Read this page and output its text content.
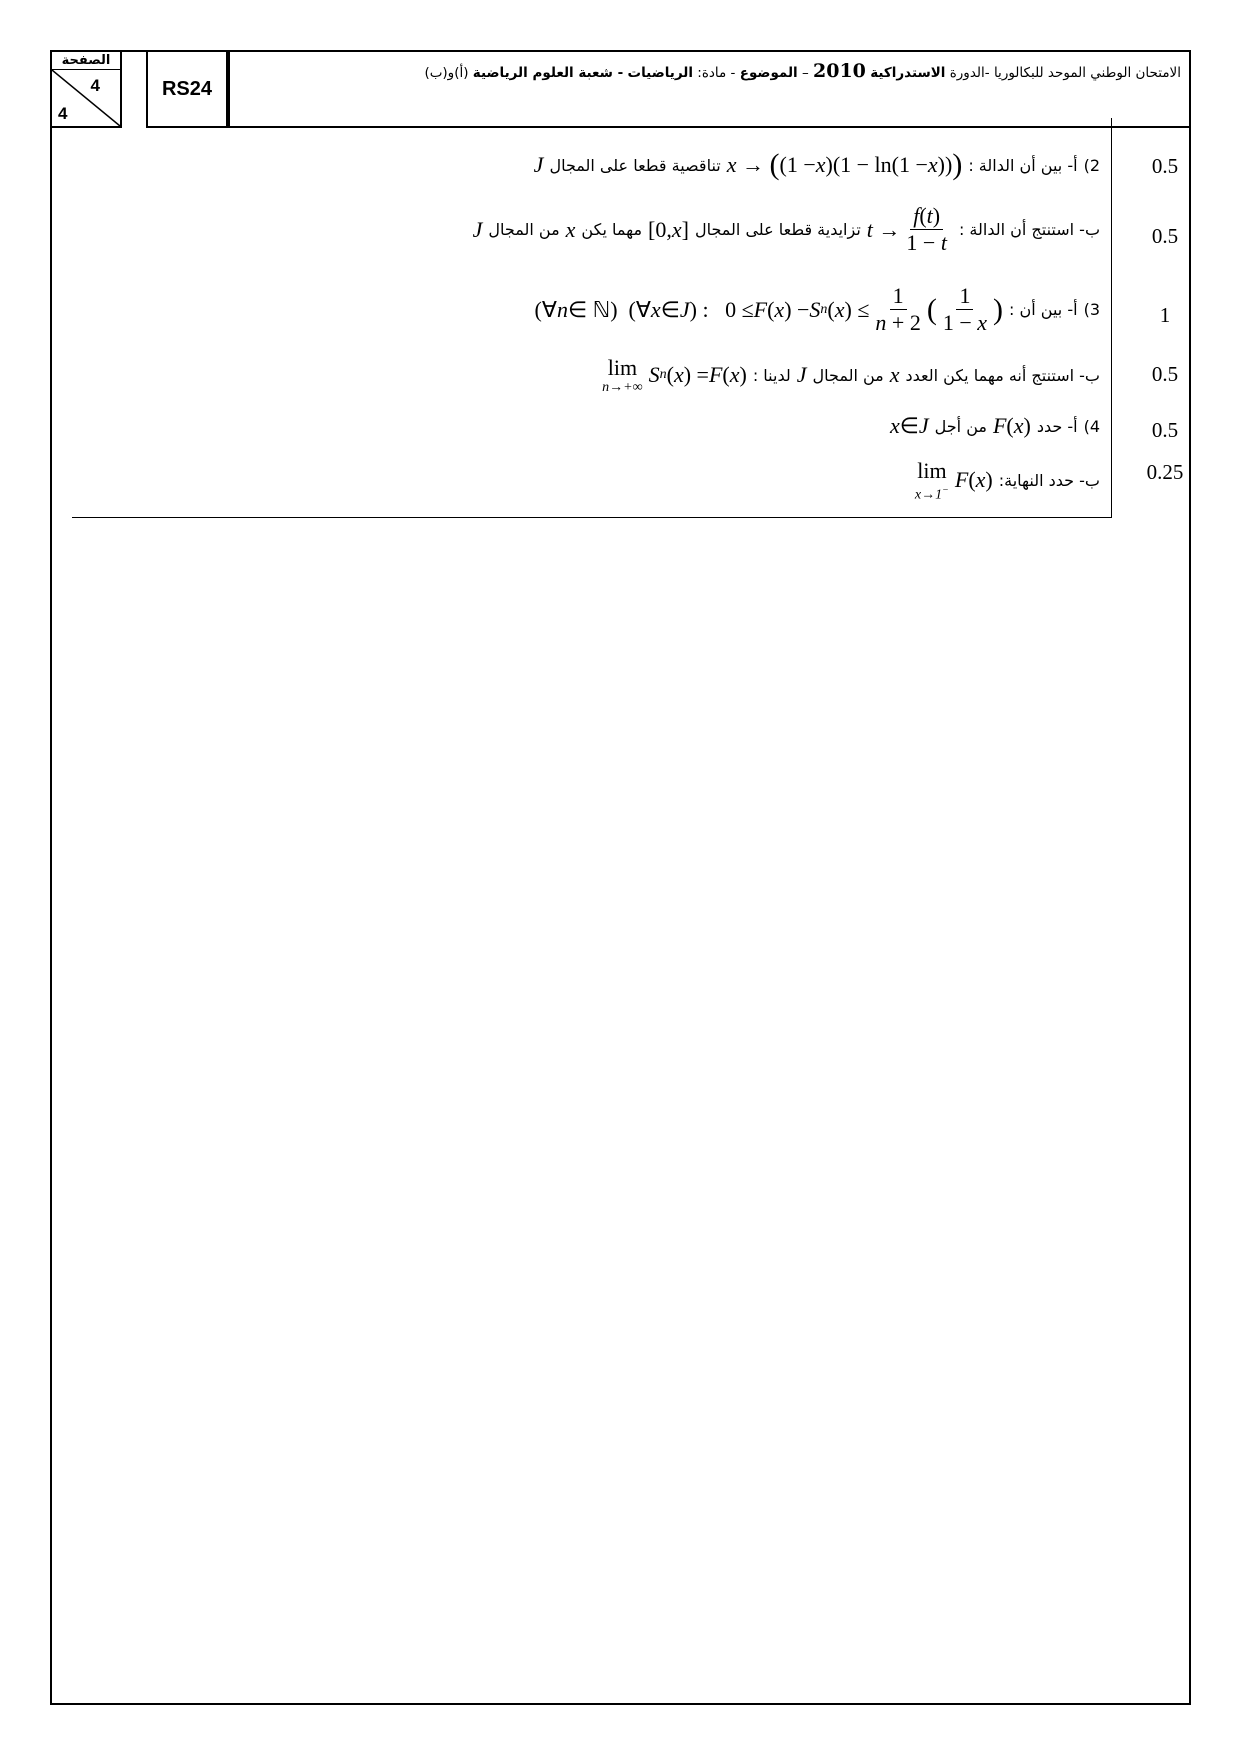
الصفحة
4
4
RS24
الامتحان الوطني الموحد للبكالوريا -الدورة الاستدراكية 2010 – الموضوع - مادة: الرياضيات - شعبة العلوم الرياضية (أ)و(ب)
0.5
0.5
1
0.5
0.5
0.25
2)
أ- بين أن الدالة :
x → ( (1 − x )(1 − ln(1 − x )) )
تناقصية قطعا على المجال
J
ب- استنتج أن الدالة :
$t \to \frac{f(t)}{1 - t}$
تزايدية قطعا على المجال
[0, x ]
مهما يكن
x
من المجال
J
3)
أ- بين أن :
(∀ n ∈ ℕ)  (∀ x ∈ J ) :   0 ≤ F ( x ) − S n ( x ) ≤ $\frac{1}{n + 2}$ ( $\frac{1}{1 - x}$ )
ب- استنتج أنه مهما يكن العدد
x
من المجال
J
لدينا :
lim
n→+∞
S n ( x ) = F ( x )
4)
أ- حدد
F ( x )
من أجل
x ∈ J
ب- حدد النهاية:
lim
x→1− F ( x )
